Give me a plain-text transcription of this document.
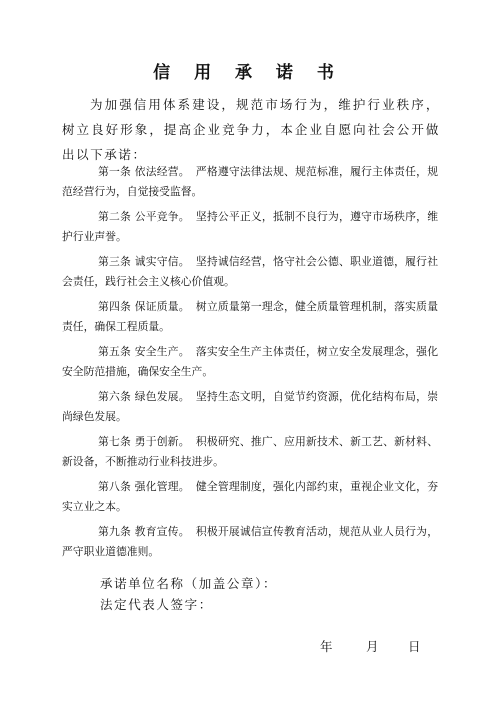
信 用 承 诺 书
为加强信用体系建设，规范市场行为，维护行业秩序，树立良好形象，提高企业竞争力，本企业自愿向社会公开做出以下承诺：

第一条 依法经营。 严格遵守法律法规、规范标准，履行主体责任，规范经营行为，自觉接受监督。

第二条 公平竞争。 坚持公平正义，抵制不良行为，遵守市场秩序，维护行业声誉。

第三条 诚实守信。 坚持诚信经营，恪守社会公德、职业道德，履行社会责任，践行社会主义核心价值观。

第四条 保证质量。 树立质量第一理念，健全质量管理机制，落实质量责任，确保工程质量。

第五条 安全生产。 落实安全生产主体责任，树立安全发展理念，强化安全防范措施，确保安全生产。

第六条 绿色发展。 坚持生态文明，自觉节约资源，优化结构布局，崇尚绿色发展。

第七条 勇于创新。 积极研究、推广、应用新技术、新工艺、新材料、新设备，不断推动行业科技进步。

第八条 强化管理。 健全管理制度，强化内部约束，重视企业文化，夯实立业之本。

第九条 教育宣传。 积极开展诚信宣传教育活动，规范从业人员行为，严守职业道德准则。

承诺单位名称（加盖公章）：
法定代表人签字：
年	月 日
